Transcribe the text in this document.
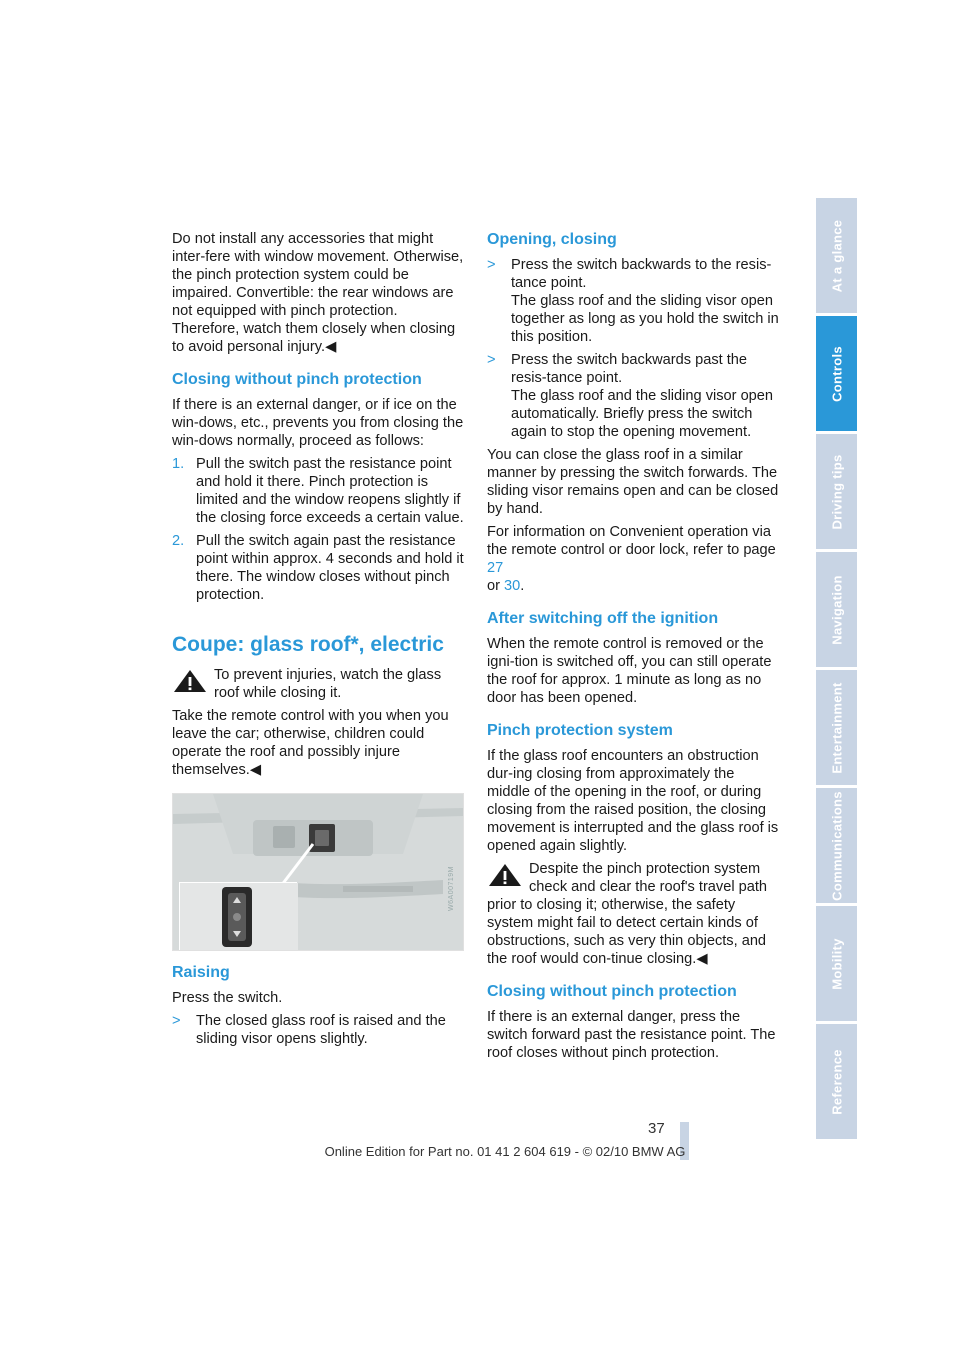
Do not install any accessories that might inter-fere with window movement. Otherwise, the pinch protection system could be impaired. Convertible: the rear windows are not equipped with pinch protection. Therefore, watch them closely when closing to avoid personal injury.◀

Closing without pinch protection

If there is an external danger, or if ice on the win-dows, etc., prevents you from closing the win-dows normally, proceed as follows:

1. Pull the switch past the resistance point and hold it there. Pinch protection is limited and the window reopens slightly if the closing force exceeds a certain value.
2. Pull the switch again past the resistance point within approx. 4 seconds and hold it there. The window closes without pinch protection.
Coupe: glass roof*, electric

To prevent injuries, watch the glass roof while closing it.

Take the remote control with you when you leave the car; otherwise, children could operate the roof and possibly injure themselves.◀

W6A00719M
Raising

Press the switch.

> The closed glass roof is raised and the sliding visor opens slightly.
Opening, closing
> Press the switch backwards to the resis-tance point.
The glass roof and the sliding visor open together as long as you hold the switch in this position.
> Press the switch backwards past the resis-tance point.
The glass roof and the sliding visor open automatically. Briefly press the switch again to stop the opening movement.

You can close the glass roof in a similar manner by pressing the switch forwards. The sliding visor remains open and can be closed by hand.

For information on Convenient operation via the remote control or door lock, refer to page 27
or 30.

After switching off the ignition

When the remote control is removed or the igni-tion is switched off, you can still operate the roof for approx. 1 minute as long as no door has been opened.

Pinch protection system

If the glass roof encounters an obstruction dur-ing closing from approximately the middle of the opening in the roof, or during closing from the raised position, the closing movement is interrupted and the glass roof is opened again slightly.

Despite the pinch protection system check and clear the roof's travel path prior to closing it; otherwise, the safety system might fail to detect certain kinds of obstructions, such as very thin objects, and the roof would con-tinue closing.◀

Closing without pinch protection

If there is an external danger, press the switch forward past the resistance point. The roof closes without pinch protection.

At a glance
Controls
Driving tips
Navigation
Entertainment
Communications
Mobility
Reference
37
Online Edition for Part no. 01 41 2 604 619 - © 02/10 BMW AG
